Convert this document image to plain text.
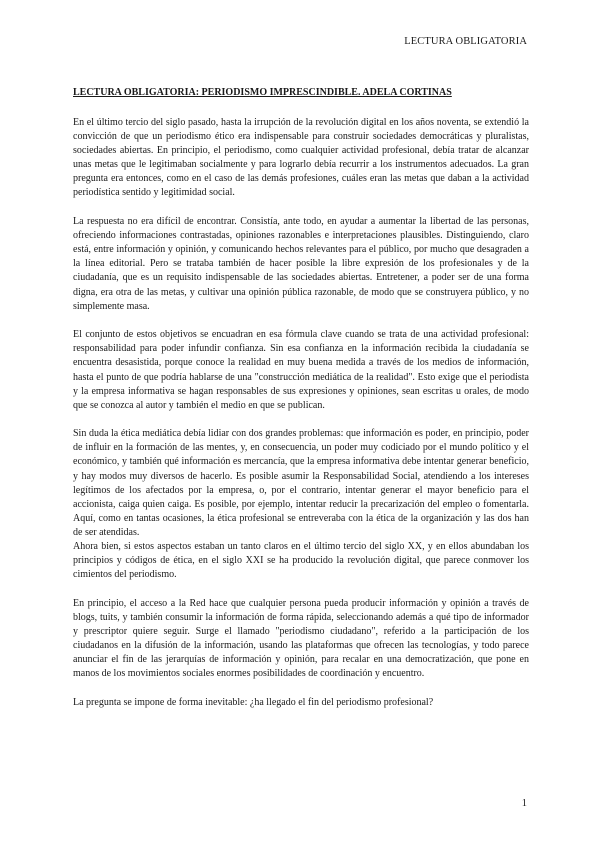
LECTURA OBLIGATORIA
LECTURA OBLIGATORIA: PERIODISMO IMPRESCINDIBLE. ADELA CORTINAS

En el último tercio del siglo pasado, hasta la irrupción de la revolución digital en los años noventa, se extendió la convicción de que un periodismo ético era indispensable para construir sociedades democráticas y pluralistas, sociedades abiertas. En principio, el periodismo, como cualquier actividad profesional, debía tratar de alcanzar unas metas que le legitimaban socialmente y para lograrlo debía recurrir a los instrumentos adecuados. La gran pregunta era entonces, como en el caso de las demás profesiones, cuáles eran las metas que daban a la actividad periodística sentido y legitimidad social.

La respuesta no era difícil de encontrar. Consistía, ante todo, en ayudar a aumentar la libertad de las personas, ofreciendo informaciones contrastadas, opiniones razonables e interpretaciones plausibles. Distinguiendo, claro está, entre información y opinión, y comunicando hechos relevantes para el público, por mucho que desagraden a la línea editorial. Pero se trataba también de hacer posible la libre expresión de los profesionales y de la ciudadanía, que es un requisito indispensable de las sociedades abiertas. Entretener, a poder ser de una forma digna, era otra de las metas, y cultivar una opinión pública razonable, de modo que se construyera público, y no simplemente masa.

El conjunto de estos objetivos se encuadran en esa fórmula clave cuando se trata de una actividad profesional: responsabilidad para poder infundir confianza. Sin esa confianza en la información recibida la ciudadanía se encuentra desasistida, porque conoce la realidad en muy buena medida a través de los medios de información, hasta el punto de que podría hablarse de una "construcción mediática de la realidad". Esto exige que el periodista y la empresa informativa se hagan responsables de sus expresiones y opiniones, sean escritas u orales, de modo que se conozca al autor y también el medio en que se publican.

Sin duda la ética mediática debía lidiar con dos grandes problemas: que información es poder, en principio, poder de influir en la formación de las mentes, y, en consecuencia, un poder muy codiciado por el mundo político y el económico, y también qué información es mercancía, que la empresa informativa debe intentar generar beneficio, y hay modos muy diversos de hacerlo. Es posible asumir la Responsabilidad Social, atendiendo a los intereses legítimos de los afectados por la empresa, o, por el contrario, intentar generar el mayor beneficio para el accionista, caiga quien caiga. Es posible, por ejemplo, intentar reducir la precarización del empleo o fomentarla. Aquí, como en tantas ocasiones, la ética profesional se entreveraba con la ética de la organización y las dos han de ser atendidas.

Ahora bien, si estos aspectos estaban un tanto claros en el último tercio del siglo XX, y en ellos abundaban los principios y códigos de ética, en el siglo XXI se ha producido la revolución digital, que parece conmover los cimientos del periodismo.

En principio, el acceso a la Red hace que cualquier persona pueda producir información y opinión a través de blogs, tuits, y también consumir la información de forma rápida, seleccionando además a qué tipo de informador y prescriptor quiere seguir. Surge el llamado "periodismo ciudadano", referido a la participación de los ciudadanos en la difusión de la información, usando las plataformas que ofrecen las tecnologías, y todo parece anunciar el fin de las jerarquías de información y opinión, para recalar en una democratización, que pone en manos de los movimientos sociales enormes posibilidades de coordinación y encuentro.

La pregunta se impone de forma inevitable: ¿ha llegado el fin del periodismo profesional?

1
